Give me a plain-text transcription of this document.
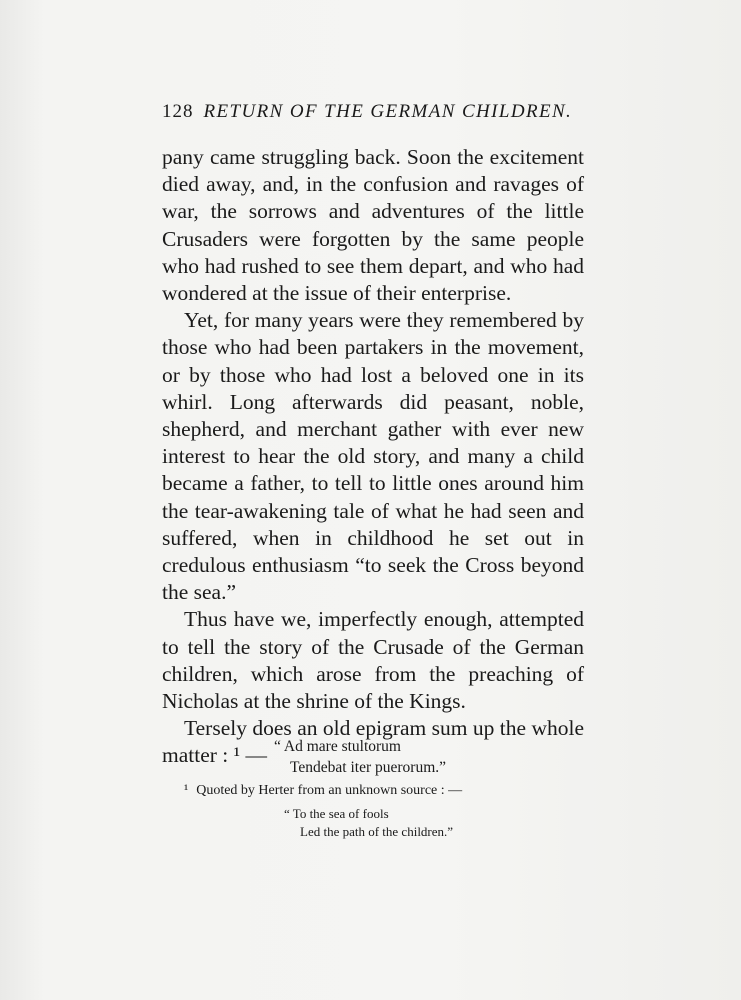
128 RETURN OF THE GERMAN CHILDREN.

pany came struggling back. Soon the excitement died away, and, in the confusion and ravages of war, the sorrows and adventures of the little Crusaders were forgotten by the same people who had rushed to see them depart, and who had wondered at the issue of their enterprise.

Yet, for many years were they remembered by those who had been partakers in the movement, or by those who had lost a beloved one in its whirl. Long afterwards did peasant, noble, shepherd, and merchant gather with ever new interest to hear the old story, and many a child became a father, to tell to little ones around him the tear-awakening tale of what he had seen and suffered, when in childhood he set out in credulous enthusiasm “to seek the Cross beyond the sea.”

Thus have we, imperfectly enough, attempted to tell the story of the Crusade of the German children, which arose from the preaching of Nicholas at the shrine of the Kings.

Tersely does an old epigram sum up the whole matter : ¹ — “ Ad mare stultorum
Tendebat iter puerorum.”
¹ Quoted by Herter from an unknown source : —
“ To the sea of fools
Led the path of the children.”
